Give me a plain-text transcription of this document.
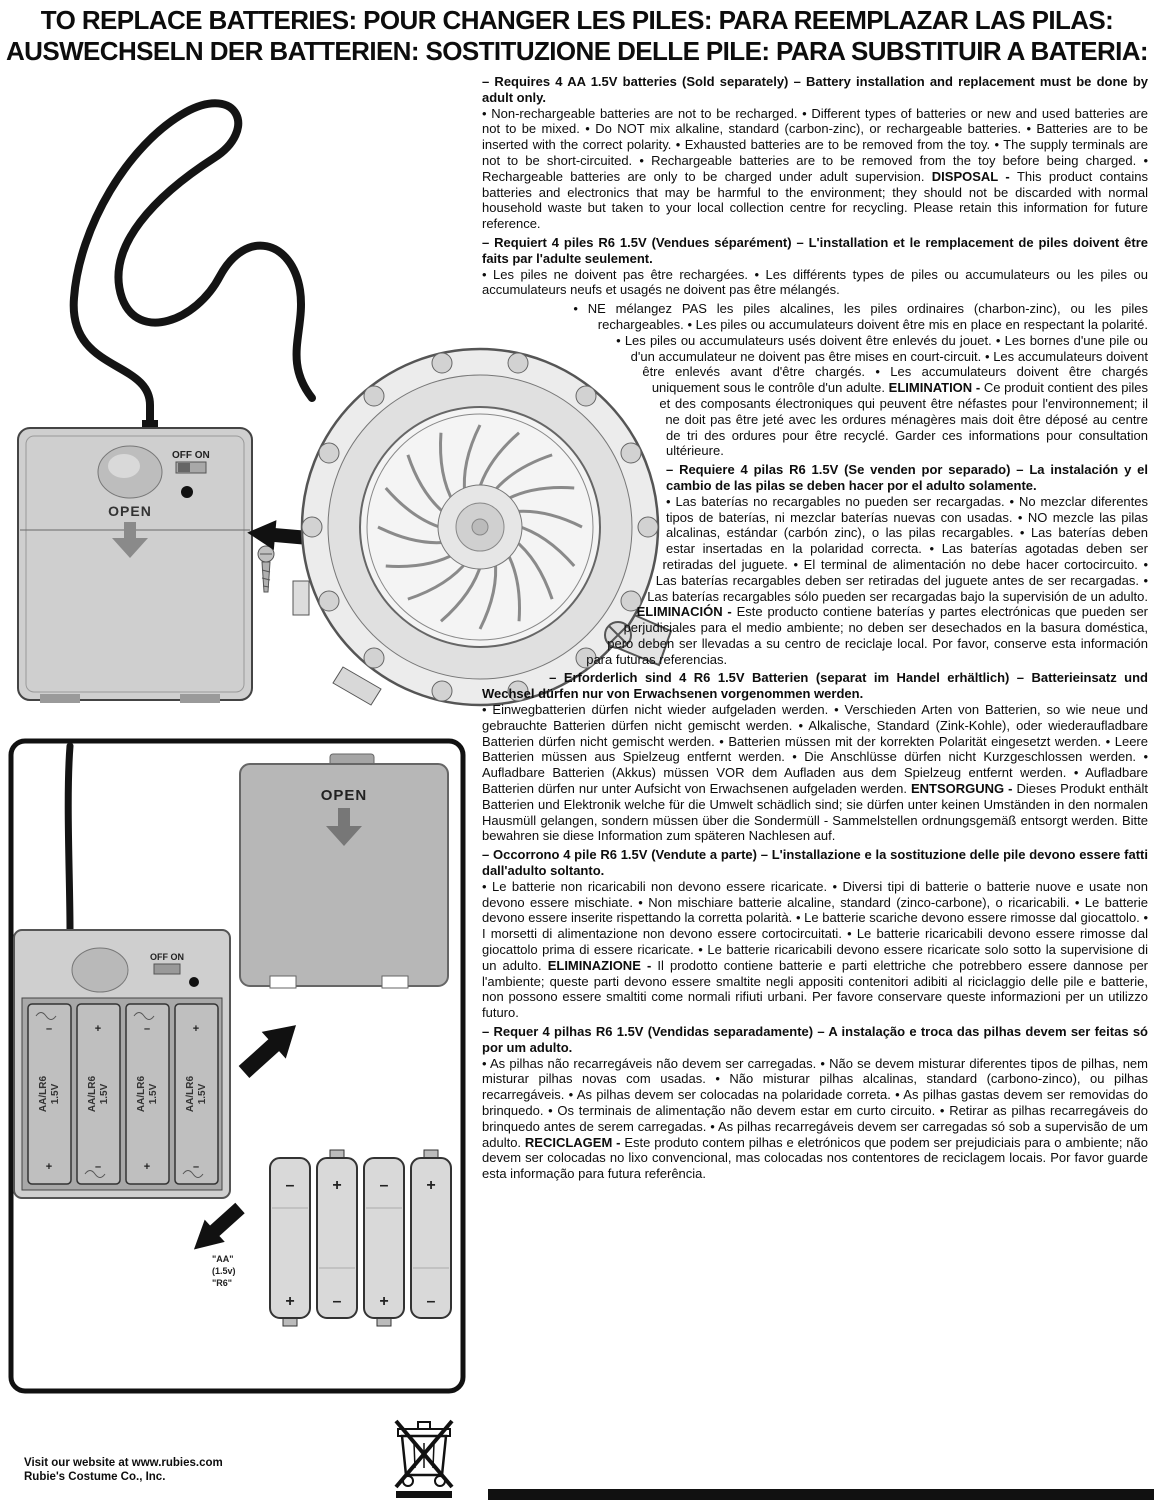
TO REPLACE BATTERIES: POUR CHANGER LES PILES: PARA REEMPLAZAR LAS PILAS:
AUSWECHSELN DER BATTERIEN: SOSTITUZIONE DELLE PILE: PARA SUBSTITUIR A BATERIA:
OFF ON
OPEN
OPEN
OFF ON
–	+	–	+
+	–	+	–
AA/LR61.5V	AA/LR61.5V	AA/LR61.5V	AA/LR61.5V
"AA"
(1.5v)
"R6"
– + – +
+ – + –

– Requires 4 AA 1.5V batteries (Sold separately) – Battery installation and replacement must be done by adult only.

• Non-rechargeable batteries are not to be recharged. • Different types of batteries or new and used batteries are not to be mixed. • Do NOT mix alkaline, standard (carbon-zinc), or rechargeable batteries. • Batteries are to be inserted with the correct polarity. • Exhausted batteries are to be removed from the toy. • The supply terminals are not to be short-circuited. • Rechargeable batteries are to be removed from the toy before being charged. • Rechargeable batteries are only to be charged under adult supervision. DISPOSAL - This product contains batteries and electronics that may be harmful to the environment; they should not be discarded with normal household waste but taken to your local collection centre for recycling. Please retain this information for future reference.

– Requiert 4 piles R6 1.5V (Vendues séparément) – L'installation et le remplacement de piles doivent être faits par l'adulte seulement.

• Les piles ne doivent pas être rechargées. • Les différents types de piles ou accumulateurs ou les piles ou accumulateurs neufs et usagés ne doivent pas être mélangés.

• NE mélangez PAS les piles alcalines, les piles ordinaires (charbon-zinc), ou les piles rechargeables. • Les piles ou accumulateurs doivent être mis en place en respectant la polarité. • Les piles ou accumulateurs usés doivent être enlevés du jouet. • Les bornes d'une pile ou d'un accumulateur ne doivent pas être mises en court-circuit. • Les accumulateurs doivent être enlevés avant d'être chargés. • Les accumulateurs doivent être chargés uniquement sous le contrôle d'un adulte. ELIMINATION - Ce produit contient des piles et des composants électroniques qui peuvent être néfastes pour l'environnement; il ne doit pas être jeté avec les ordures ménagères mais doit être déposé au centre de tri des ordures pour être recyclé. Garder ces informations pour consultation ultérieure.

– Requiere 4 pilas R6 1.5V (Se venden por separado) – La instalación y el cambio de las pilas se deben hacer por el adulto solamente.

• Las baterías no recargables no pueden ser recargadas. • No mezclar diferentes tipos de baterías, ni mezclar baterías nuevas con usadas. • NO mezcle las pilas alcalinas, estándar (carbón zinc), o las pilas recargables. • Las baterías deben estar insertadas en la polaridad correcta. • Las baterías agotadas deben ser retiradas del juguete. • El terminal de alimentación no debe hacer cortocircuito. • Las baterías recargables deben ser retiradas del juguete antes de ser recargadas. • Las baterías recargables sólo pueden ser recargadas bajo la supervisión de un adulto. ELIMINACIÓN - Este producto contiene baterías y partes electrónicas que pueden ser perjudiciales para el medio ambiente; no deben ser desechados en la basura doméstica, pero deben ser llevadas a su centro de reciclaje local. Por favor, conserve esta información para futuras referencias.

– Erforderlich sind 4 R6 1.5V Batterien (separat im Handel erhältlich) – Batterieinsatz und Wechsel dürfen nur von Erwachsenen vorgenommen werden.

• Einwegbatterien dürfen nicht wieder aufgeladen werden. • Verschieden Arten von Batterien, so wie neue und gebrauchte Batterien dürfen nicht gemischt werden. • Alkalische, Standard (Zink-Kohle), oder wiederaufladbare Batterien dürfen nicht gemischt werden. • Batterien müssen mit der korrekten Polarität eingesetzt werden. • Leere Batterien müssen aus Spielzeug entfernt werden. • Die Anschlüsse dürfen nicht Kurzgeschlossen werden. • Aufladbare Batterien (Akkus) müssen VOR dem Aufladen aus dem Spielzeug entfernt werden. • Aufladbare Batterien dürfen nur unter Aufsicht von Erwachsenen aufgeladen werden. ENTSORGUNG - Dieses Produkt enthält Batterien und Elektronik welche für die Umwelt schädlich sind; sie dürfen unter keinen Umständen in den normalen Hausmüll gelangen, sondern müssen über die Sondermüll - Sammelstellen ordnungsgemäß entsorgt werden. Bitte bewahren sie diese Information zum späteren Nachlesen auf.

– Occorrono 4 pile R6 1.5V (Vendute a parte) – L'installazione e la sostituzione delle pile devono essere fatti dall'adulto soltanto.

• Le batterie non ricaricabili non devono essere ricaricate. • Diversi tipi di batterie o batterie nuove e usate non devono essere mischiate. • Non mischiare batterie alcaline, standard (zinco-carbone), o ricaricabili. • Le batterie devono essere inserite rispettando la corretta polarità. • Le batterie scariche devono essere rimosse dal giocattolo. • I morsetti di alimentazione non devono essere cortocircuitati. • Le batterie ricaricabili devono essere rimosse dal giocattolo prima di essere ricaricate. • Le batterie ricaricabili devono essere ricaricate solo sotto la supervisione di un adulto. ELIMINAZIONE - Il prodotto contiene batterie e parti elettriche che potrebbero essere dannose per l'ambiente; queste parti devono essere smaltite negli appositi contenitori adibiti al riciclaggio delle pile e batterie, non possono essere smaltiti come normali rifiuti urbani. Per favore conservare queste informazioni per un utilizzo futuro.

– Requer 4 pilhas R6 1.5V (Vendidas separadamente) – A instalação e troca das pilhas devem ser feitas só por um adulto.

• As pilhas não recarregáveis não devem ser carregadas. • Não se devem misturar diferentes tipos de pilhas, nem misturar pilhas novas com usadas. • Não misturar pilhas alcalinas, standard (carbono-zinco), ou pilhas recarregáveis. • As pilhas devem ser colocadas na polaridade correta. • As pilhas gastas devem ser removidas do brinquedo. • Os terminais de alimentação não devem estar em curto circuito. • Retirar as pilhas recarregáveis do brinquedo antes de serem carregadas. • As pilhas recarregáveis devem ser carregadas só sob a supervisão de um adulto. RECICLAGEM - Este produto contem pilhas e eletrónicos que podem ser prejudiciais para o ambiente; não devem ser colocadas no lixo convencional, mas colocadas nos contentores de reciclagem locais. Por favor guarde esta informação para futura referência.

Visit our website at www.rubies.com
Rubie's Costume Co., Inc.
